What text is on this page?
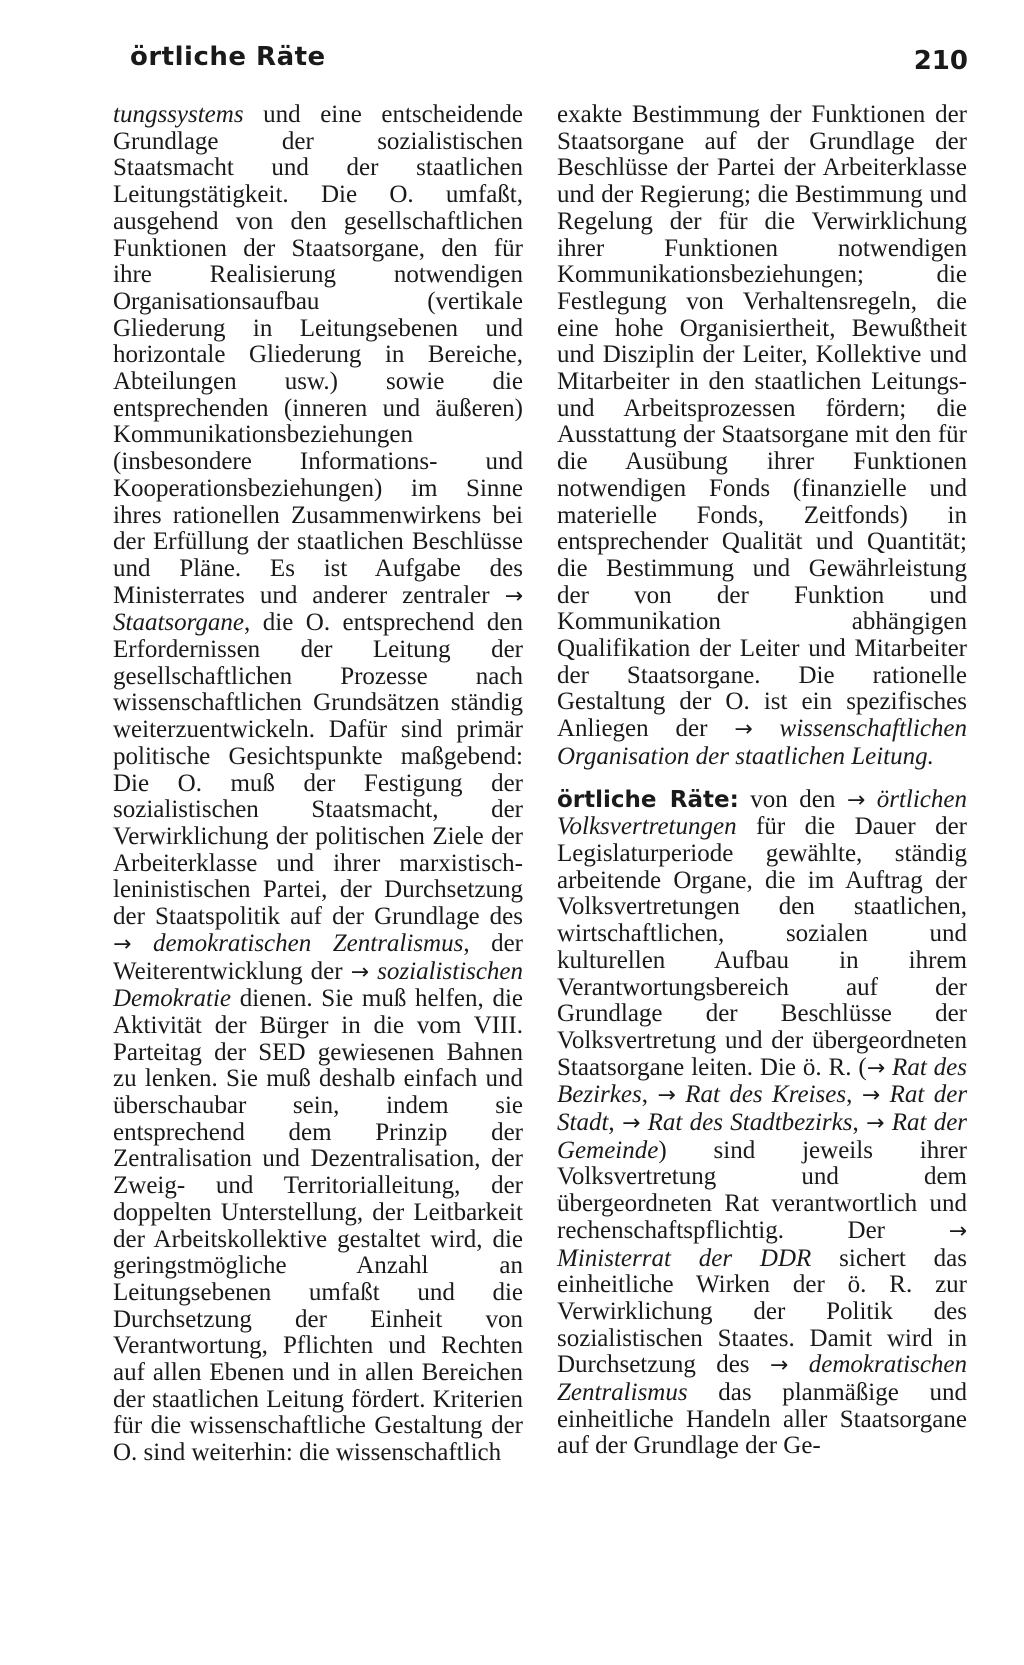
örtliche Räte	210

tungssystems und eine entscheidende Grundlage der sozialistischen Staatsmacht und der staatlichen Leitungstätigkeit. Die O. umfaßt, ausgehend von den gesellschaftlichen Funktionen der Staatsorgane, den für ihre Realisierung notwendigen Organisationsaufbau (vertikale Gliederung in Leitungsebenen und horizontale Gliederung in Bereiche, Abteilungen usw.) sowie die entsprechenden (inneren und äußeren) Kommunikationsbeziehungen (insbesondere Informations- und Kooperationsbeziehungen) im Sinne ihres rationellen Zusammenwirkens bei der Erfüllung der staatlichen Beschlüsse und Pläne. Es ist Aufgabe des Ministerrates und anderer zentraler → Staatsorgane, die O. entsprechend den Erfordernissen der Leitung der gesellschaftlichen Prozesse nach wissenschaftlichen Grundsätzen ständig weiterzuentwickeln. Dafür sind primär politische Gesichtspunkte maßgebend: Die O. muß der Festigung der sozialistischen Staatsmacht, der Verwirklichung der politischen Ziele der Arbeiterklasse und ihrer marxistisch-leninistischen Partei, der Durchsetzung der Staatspolitik auf der Grundlage des → demokratischen Zentralismus, der Weiterentwicklung der → sozialistischen Demokratie dienen. Sie muß helfen, die Aktivität der Bürger in die vom VIII. Parteitag der SED gewiesenen Bahnen zu lenken. Sie muß deshalb einfach und überschaubar sein, indem sie entsprechend dem Prinzip der Zentralisation und Dezentralisation, der Zweig- und Territorialleitung, der doppelten Unterstellung, der Leitbarkeit der Arbeitskollektive gestaltet wird, die geringstmögliche Anzahl an Leitungsebenen umfaßt und die Durchsetzung der Einheit von Verantwortung, Pflichten und Rechten auf allen Ebenen und in allen Bereichen der staatlichen Leitung fördert. Kriterien für die wissenschaftliche Gestaltung der O. sind weiterhin: die wissenschaftlich

exakte Bestimmung der Funktionen der Staatsorgane auf der Grundlage der Beschlüsse der Partei der Arbeiterklasse und der Regierung; die Bestimmung und Regelung der für die Verwirklichung ihrer Funktionen notwendigen Kommunikationsbeziehungen; die Festlegung von Verhaltensregeln, die eine hohe Organisiertheit, Bewußtheit und Disziplin der Leiter, Kollektive und Mitarbeiter in den staatlichen Leitungs- und Arbeitsprozessen fördern; die Ausstattung der Staatsorgane mit den für die Ausübung ihrer Funktionen notwendigen Fonds (finanzielle und materielle Fonds, Zeitfonds) in entsprechender Qualität und Quantität; die Bestimmung und Gewährleistung der von der Funktion und Kommunikation abhängigen Qualifikation der Leiter und Mitarbeiter der Staatsorgane. Die rationelle Gestaltung der O. ist ein spezifisches Anliegen der → wissenschaftlichen Organisation der staatlichen Leitung.

örtliche Räte: von den → örtlichen Volksvertretungen für die Dauer der Legislaturperiode gewählte, ständig arbeitende Organe, die im Auftrag der Volksvertretungen den staatlichen, wirtschaftlichen, sozialen und kulturellen Aufbau in ihrem Verantwortungsbereich auf der Grundlage der Beschlüsse der Volksvertretung und der übergeordneten Staatsorgane leiten. Die ö. R. (→ Rat des Bezirkes, → Rat des Kreises, → Rat der Stadt, → Rat des Stadtbezirks, → Rat der Gemeinde) sind jeweils ihrer Volksvertretung und dem übergeordneten Rat verantwortlich und rechenschaftspflichtig. Der → Ministerrat der DDR sichert das einheitliche Wirken der ö. R. zur Verwirklichung der Politik des sozialistischen Staates. Damit wird in Durchsetzung des → demokratischen Zentralismus das planmäßige und einheitliche Handeln aller Staatsorgane auf der Grundlage der Ge-
